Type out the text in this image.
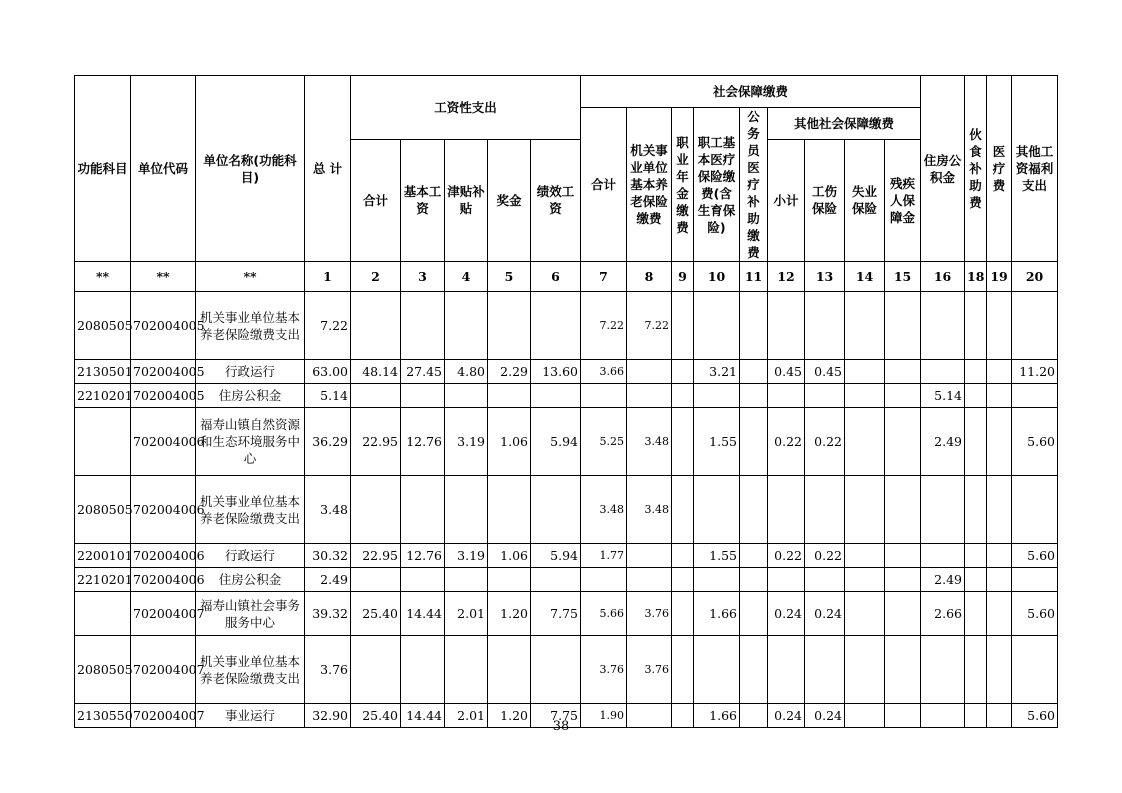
功能科目	单位代码	单位名称(功能科目)	总 计	工资性支出					社会保障缴费									住房公积金	伙食补助费	医疗费	其他工资福利支出
									合计	机关事业单位基本养老保险缴费	职业年金缴费	职工基本医疗保险缴费(含生育保险)	公务员医疗补助缴费	其他社会保障缴费							
				合计	基本工资	津贴补贴	奖金	绩效工资						小计	工伤保险	失业保险	残疾人保障金				
**	**	**	1	2	3	4	5	6	7	8	9	10	11	12	13	14	15	16	18	19	20
2080505	702004005	机关事业单位基本养老保险缴费支出	7.22						7.22	7.22											
2130501	702004005	行政运行	63.00	48.14	27.45	4.80	2.29	13.60	3.66			3.21		0.45	0.45						11.20
2210201	702004005	住房公积金	5.14															5.14			
	702004006	福寿山镇自然资源和生态环境服务中心	36.29	22.95	12.76	3.19	1.06	5.94	5.25	3.48		1.55		0.22	0.22			2.49			5.60
2080505	702004006	机关事业单位基本养老保险缴费支出	3.48						3.48	3.48											
2200101	702004006	行政运行	30.32	22.95	12.76	3.19	1.06	5.94	1.77			1.55		0.22	0.22						5.60
2210201	702004006	住房公积金	2.49															2.49			
	702004007	福寿山镇社会事务服务中心	39.32	25.40	14.44	2.01	1.20	7.75	5.66	3.76		1.66		0.24	0.24			2.66			5.60
2080505	702004007	机关事业单位基本养老保险缴费支出	3.76						3.76	3.76											
2130550	702004007	事业运行	32.90	25.40	14.44	2.01	1.20	7.75	1.90			1.66		0.24	0.24						5.60
38
